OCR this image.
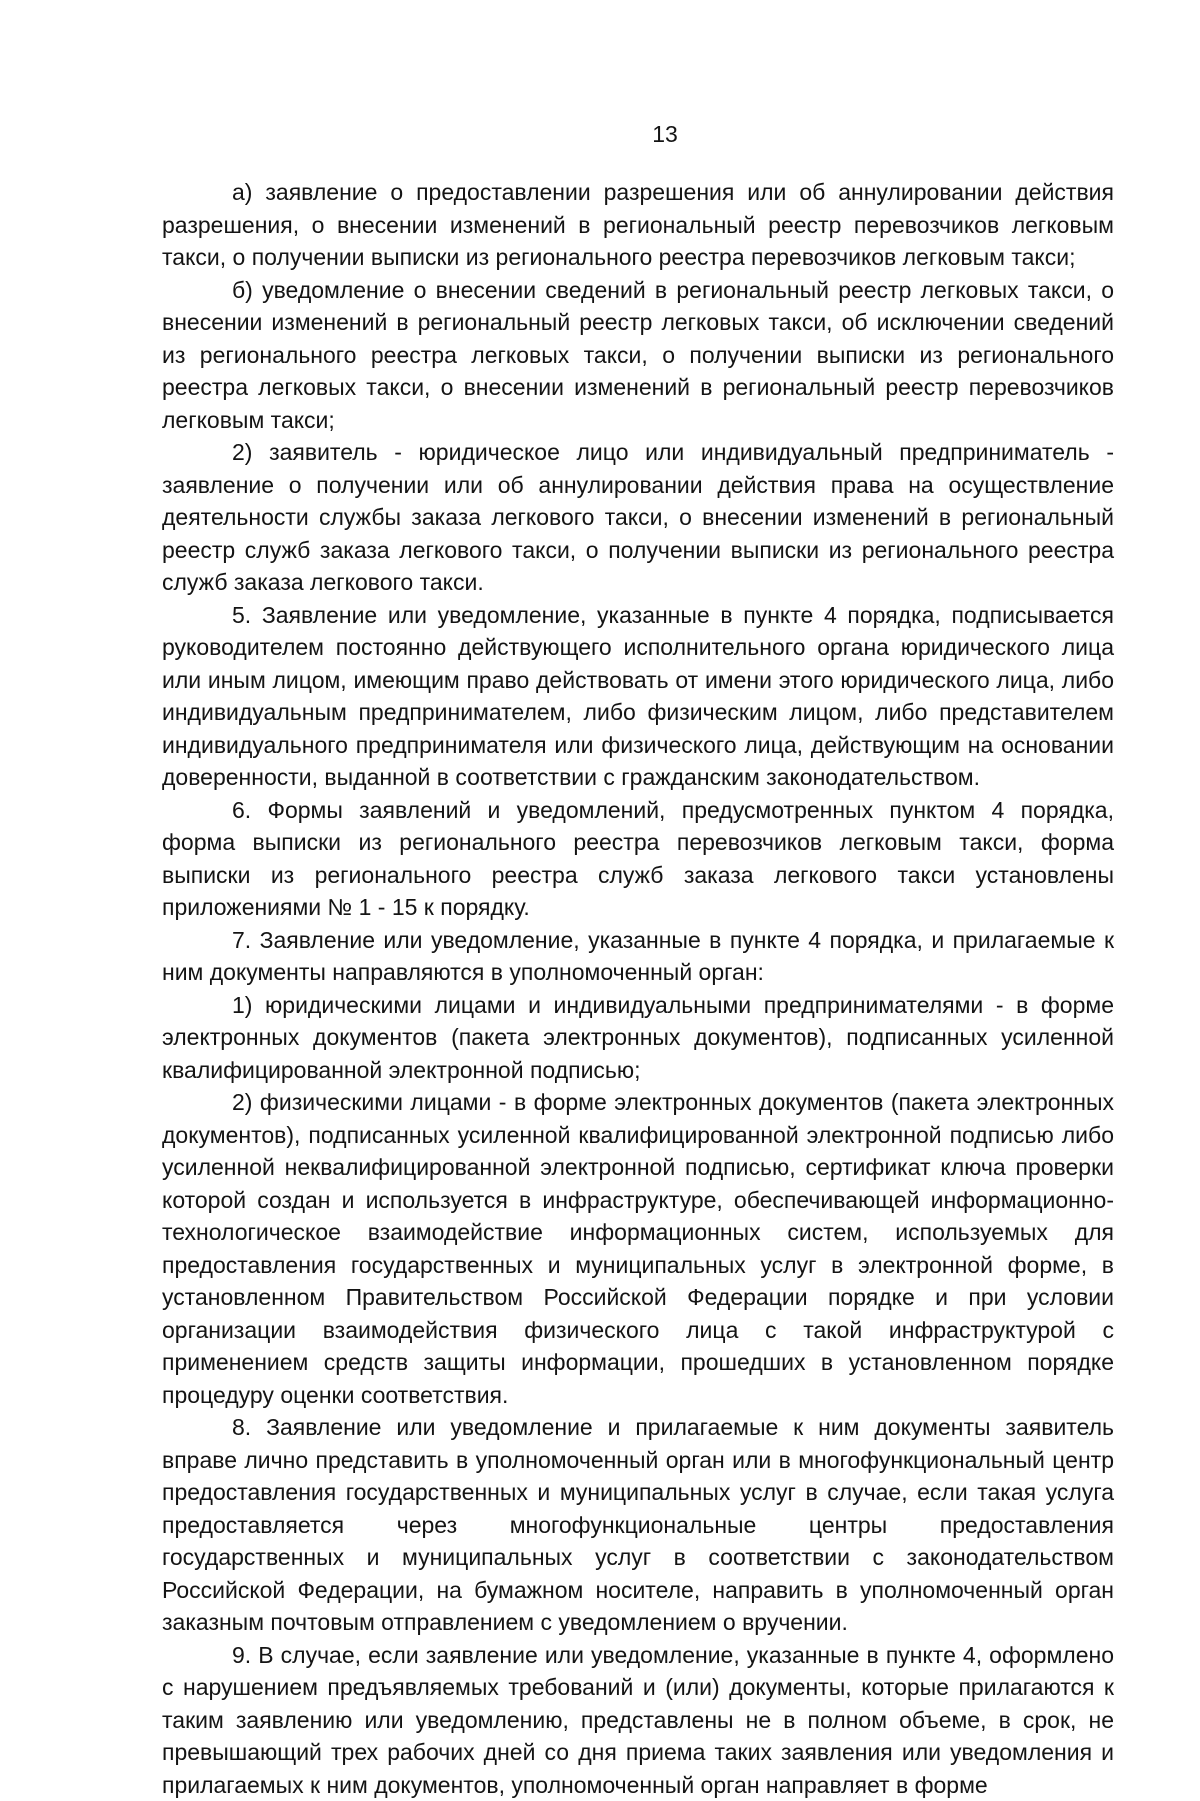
13

а) заявление о предоставлении разрешения или об аннулировании действия разрешения, о внесении изменений в региональный реестр перевозчиков легковым такси, о получении выписки из регионального реестра перевозчиков легковым такси;

б) уведомление о внесении сведений в региональный реестр легковых такси, о внесении изменений в региональный реестр легковых такси, об исключении сведений из регионального реестра легковых такси, о получении выписки из регионального реестра легковых такси, о внесении изменений в региональный реестр перевозчиков легковым такси;

2) заявитель - юридическое лицо или индивидуальный предприниматель - заявление о получении или об аннулировании действия права на осуществление деятельности службы заказа легкового такси, о внесении изменений в региональный реестр служб заказа легкового такси, о получении выписки из регионального реестра служб заказа легкового такси.

5. Заявление или уведомление, указанные в пункте 4 порядка, подписывается руководителем постоянно действующего исполнительного органа юридического лица или иным лицом, имеющим право действовать от имени этого юридического лица, либо индивидуальным предпринимателем, либо физическим лицом, либо представителем индивидуального предпринимателя или физического лица, действующим на основании доверенности, выданной в соответствии с гражданским законодательством.

6. Формы заявлений и уведомлений, предусмотренных пунктом 4 порядка, форма выписки из регионального реестра перевозчиков легковым такси, форма выписки из регионального реестра служб заказа легкового такси установлены приложениями № 1 - 15 к порядку.

7. Заявление или уведомление, указанные в пункте 4 порядка, и прилагаемые к ним документы направляются в уполномоченный орган:

1) юридическими лицами и индивидуальными предпринимателями - в форме электронных документов (пакета электронных документов), подписанных усиленной квалифицированной электронной подписью;

2) физическими лицами - в форме электронных документов (пакета электронных документов), подписанных усиленной квалифицированной электронной подписью либо усиленной неквалифицированной электронной подписью, сертификат ключа проверки которой создан и используется в инфраструктуре, обеспечивающей информационно-технологическое взаимодействие информационных систем, используемых для предоставления государственных и муниципальных услуг в электронной форме, в установленном Правительством Российской Федерации порядке и при условии организации взаимодействия физического лица с такой инфраструктурой с применением средств защиты информации, прошедших в установленном порядке процедуру оценки соответствия.

8. Заявление или уведомление и прилагаемые к ним документы заявитель вправе лично представить в уполномоченный орган или в многофункциональный центр предоставления государственных и муниципальных услуг в случае, если такая услуга предоставляется через многофункциональные центры предоставления государственных и муниципальных услуг в соответствии с законодательством Российской Федерации, на бумажном носителе, направить в уполномоченный орган заказным почтовым отправлением с уведомлением о вручении.

9. В случае, если заявление или уведомление, указанные в пункте 4, оформлено с нарушением предъявляемых требований и (или) документы, которые прилагаются к таким заявлению или уведомлению, представлены не в полном объеме, в срок, не превышающий трех рабочих дней со дня приема таких заявления или уведомления и прилагаемых к ним документов, уполномоченный орган направляет в форме
